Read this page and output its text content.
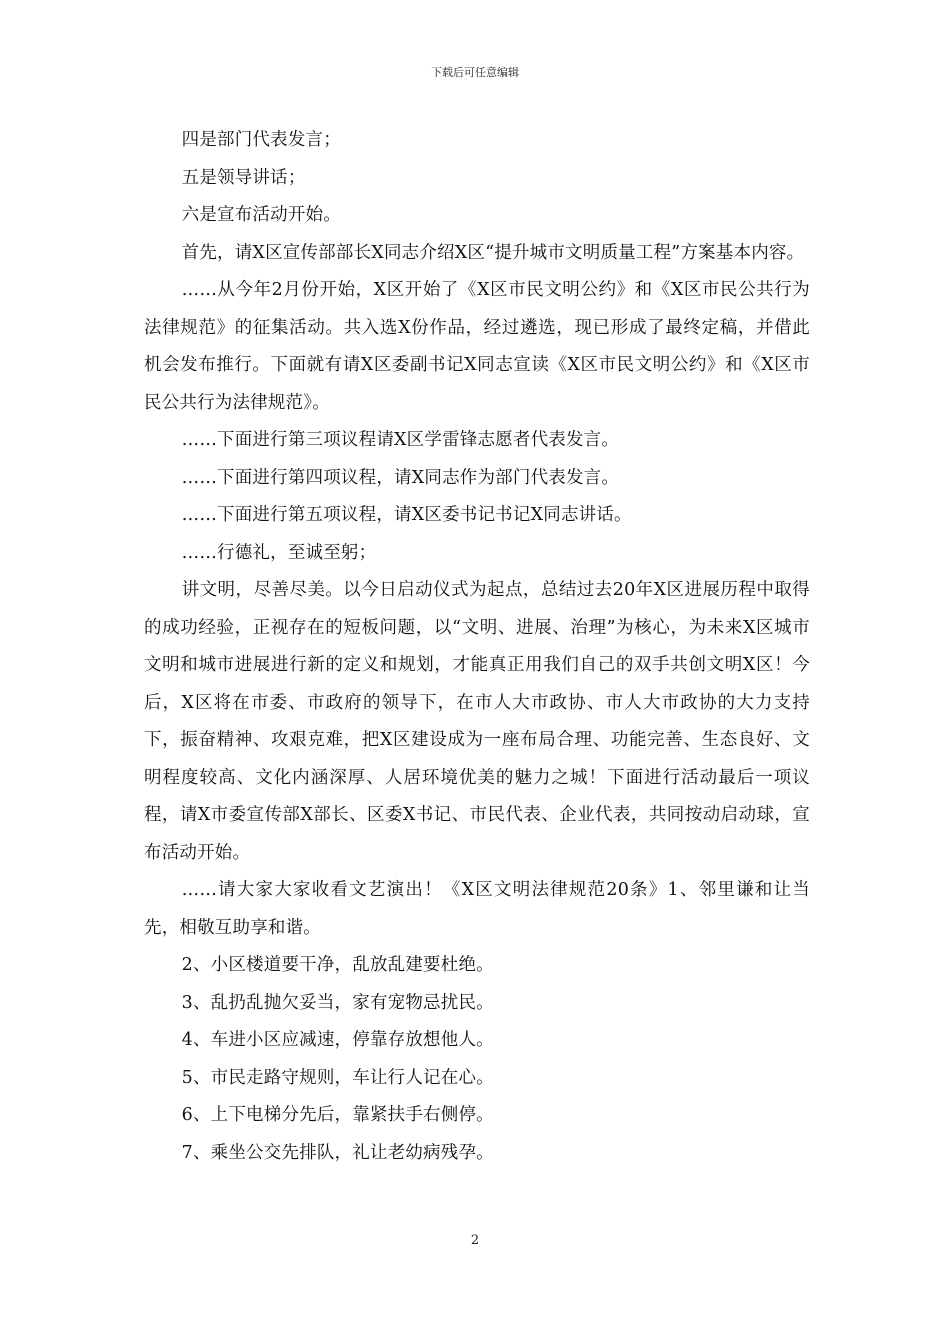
下载后可任意编辑

四是部门代表发言；

五是领导讲话；

六是宣布活动开始。

首先，请X区宣传部部长X同志介绍X区“提升城市文明质量工程”方案基本内容。

……从今年2月份开始，X区开始了《X区市民文明公约》和《X区市民公共行为法律规范》的征集活动。共入选X份作品，经过遴选，现已形成了最终定稿，并借此机会发布推行。下面就有请X区委副书记X同志宣读《X区市民文明公约》和《X区市民公共行为法律规范》。

……下面进行第三项议程请X区学雷锋志愿者代表发言。

……下面进行第四项议程，请X同志作为部门代表发言。

……下面进行第五项议程，请X区委书记书记X同志讲话。

……行德礼，至诚至躬；

讲文明，尽善尽美。以今日启动仪式为起点，总结过去20年X区进展历程中取得的成功经验，正视存在的短板问题，以“文明、进展、治理”为核心，为未来X区城市文明和城市进展进行新的定义和规划，才能真正用我们自己的双手共创文明X区！今后，X区将在市委、市政府的领导下，在市人大市政协、市人大市政协的大力支持下，振奋精神、攻艰克难，把X区建设成为一座布局合理、功能完善、生态良好、文明程度较高、文化内涵深厚、人居环境优美的魅力之城！下面进行活动最后一项议程，请X市委宣传部X部长、区委X书记、市民代表、企业代表，共同按动启动球，宣布活动开始。

……请大家大家收看文艺演出！《X区文明法律规范20条》1、邻里谦和让当先，相敬互助享和谐。

2、小区楼道要干净，乱放乱建要杜绝。

3、乱扔乱抛欠妥当，家有宠物忌扰民。

4、车进小区应减速，停靠存放想他人。

5、市民走路守规则，车让行人记在心。

6、上下电梯分先后，靠紧扶手右侧停。

7、乘坐公交先排队，礼让老幼病残孕。

2
